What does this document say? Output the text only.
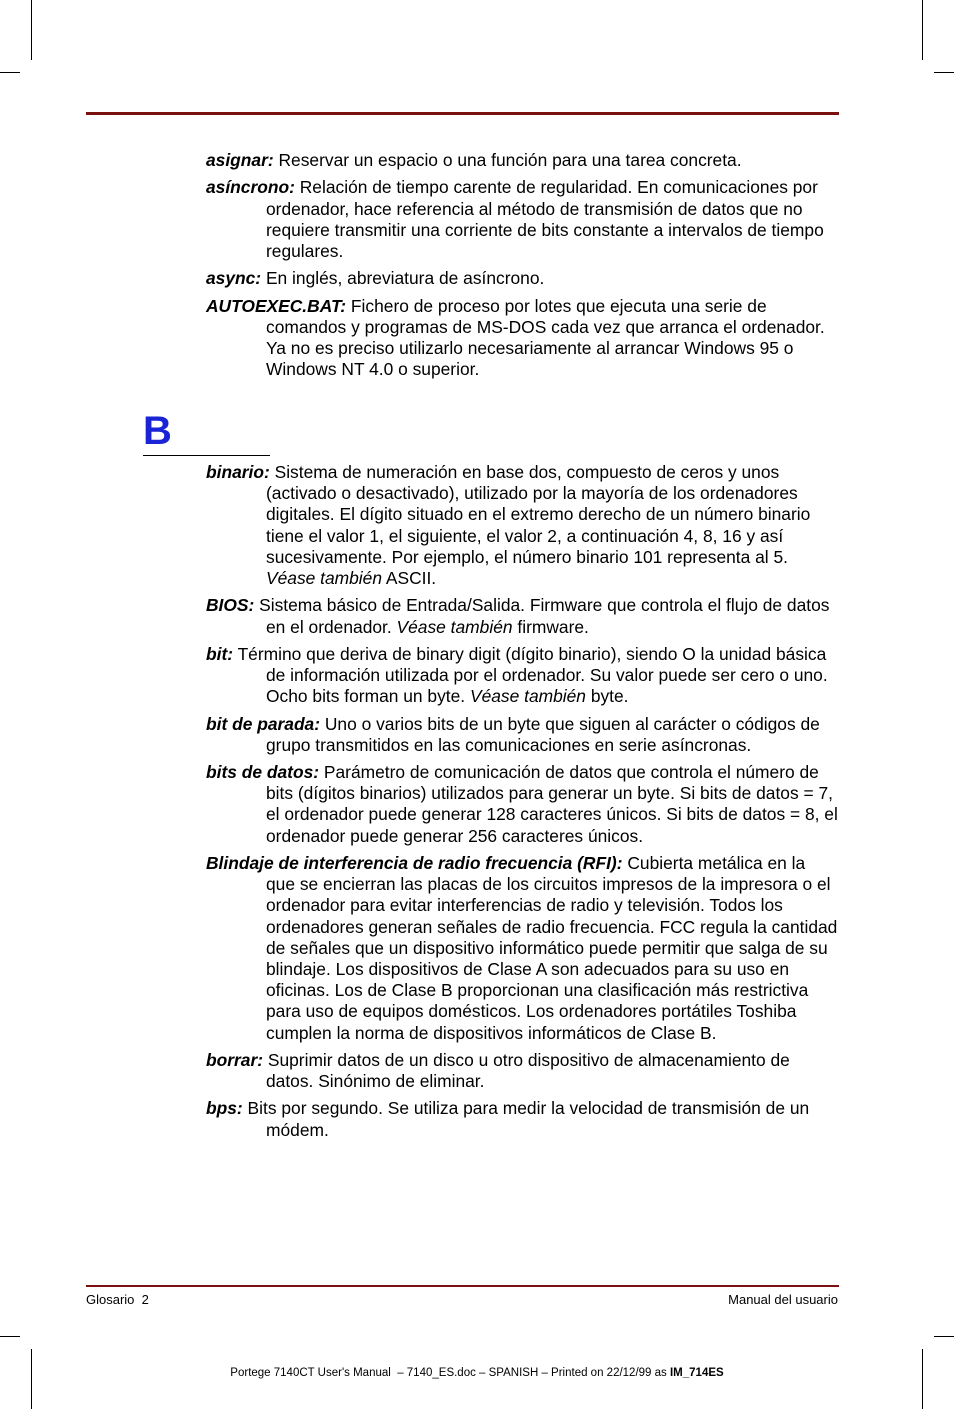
asignar: Reservar un espacio o una función para una tarea concreta.

asíncrono: Relación de tiempo carente de regularidad. En comunicaciones por ordenador, hace referencia al método de transmisión de datos que no requiere transmitir una corriente de bits constante a intervalos de tiempo regulares.

async: En inglés, abreviatura de asíncrono.

AUTOEXEC.BAT: Fichero de proceso por lotes que ejecuta una serie de comandos y programas de MS-DOS cada vez que arranca el ordenador. Ya no es preciso utilizarlo necesariamente al arrancar Windows 95 o Windows NT 4.0 o superior.

B

binario: Sistema de numeración en base dos, compuesto de ceros y unos (activado o desactivado), utilizado por la mayoría de los ordenadores digitales. El dígito situado en el extremo derecho de un número binario tiene el valor 1, el siguiente, el valor 2, a continuación 4, 8, 16 y así sucesivamente. Por ejemplo, el número binario 101 representa al 5. Véase también ASCII.

BIOS: Sistema básico de Entrada/Salida. Firmware que controla el flujo de datos en el ordenador. Véase también firmware.

bit: Término que deriva de binary digit (dígito binario), siendo O la unidad básica de información utilizada por el ordenador. Su valor puede ser cero o uno. Ocho bits forman un byte. Véase también byte.

bit de parada: Uno o varios bits de un byte que siguen al carácter o códigos de grupo transmitidos en las comunicaciones en serie asíncronas.

bits de datos: Parámetro de comunicación de datos que controla el número de bits (dígitos binarios) utilizados para generar un byte. Si bits de datos = 7, el ordenador puede generar 128 caracteres únicos. Si bits de datos = 8, el ordenador puede generar 256 caracteres únicos.

Blindaje de interferencia de radio frecuencia (RFI): Cubierta metálica en la que se encierran las placas de los circuitos impresos de la impresora o el ordenador para evitar interferencias de radio y televisión. Todos los ordenadores generan señales de radio frecuencia. FCC regula la cantidad de señales que un dispositivo informático puede permitir que salga de su blindaje. Los dispositivos de Clase A son adecuados para su uso en oficinas. Los de Clase B proporcionan una clasificación más restrictiva para uso de equipos domésticos. Los ordenadores portátiles Toshiba cumplen la norma de dispositivos informáticos de Clase B.

borrar: Suprimir datos de un disco u otro dispositivo de almacenamiento de datos. Sinónimo de eliminar.

bps: Bits por segundo. Se utiliza para medir la velocidad de transmisión de un módem.

Glosario  2	Manual del usuario
Portege 7140CT User's Manual  – 7140_ES.doc – SPANISH – Printed on 22/12/99 as IM_714ES
